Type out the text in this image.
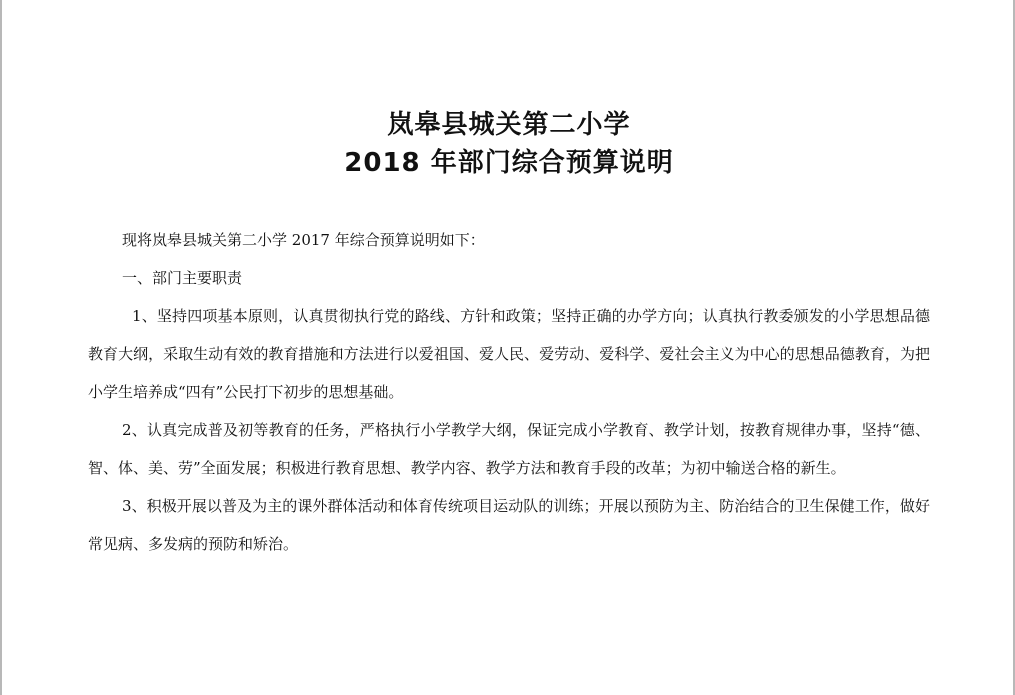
岚皋县城关第二小学
2018 年部门综合预算说明

现将岚皋县城关第二小学 2017 年综合预算说明如下：

一、部门主要职责

1、坚持四项基本原则，认真贯彻执行党的路线、方针和政策；坚持正确的办学方向；认真执行教委颁发的小学思想品德教育大纲，采取生动有效的教育措施和方法进行以爱祖国、爱人民、爱劳动、爱科学、爱社会主义为中心的思想品德教育，为把小学生培养成“四有”公民打下初步的思想基础。

2、认真完成普及初等教育的任务，严格执行小学教学大纲，保证完成小学教育、教学计划，按教育规律办事，坚持“德、智、体、美、劳”全面发展；积极进行教育思想、教学内容、教学方法和教育手段的改革；为初中输送合格的新生。

3、积极开展以普及为主的课外群体活动和体育传统项目运动队的训练；开展以预防为主、防治结合的卫生保健工作，做好常见病、多发病的预防和矫治。
